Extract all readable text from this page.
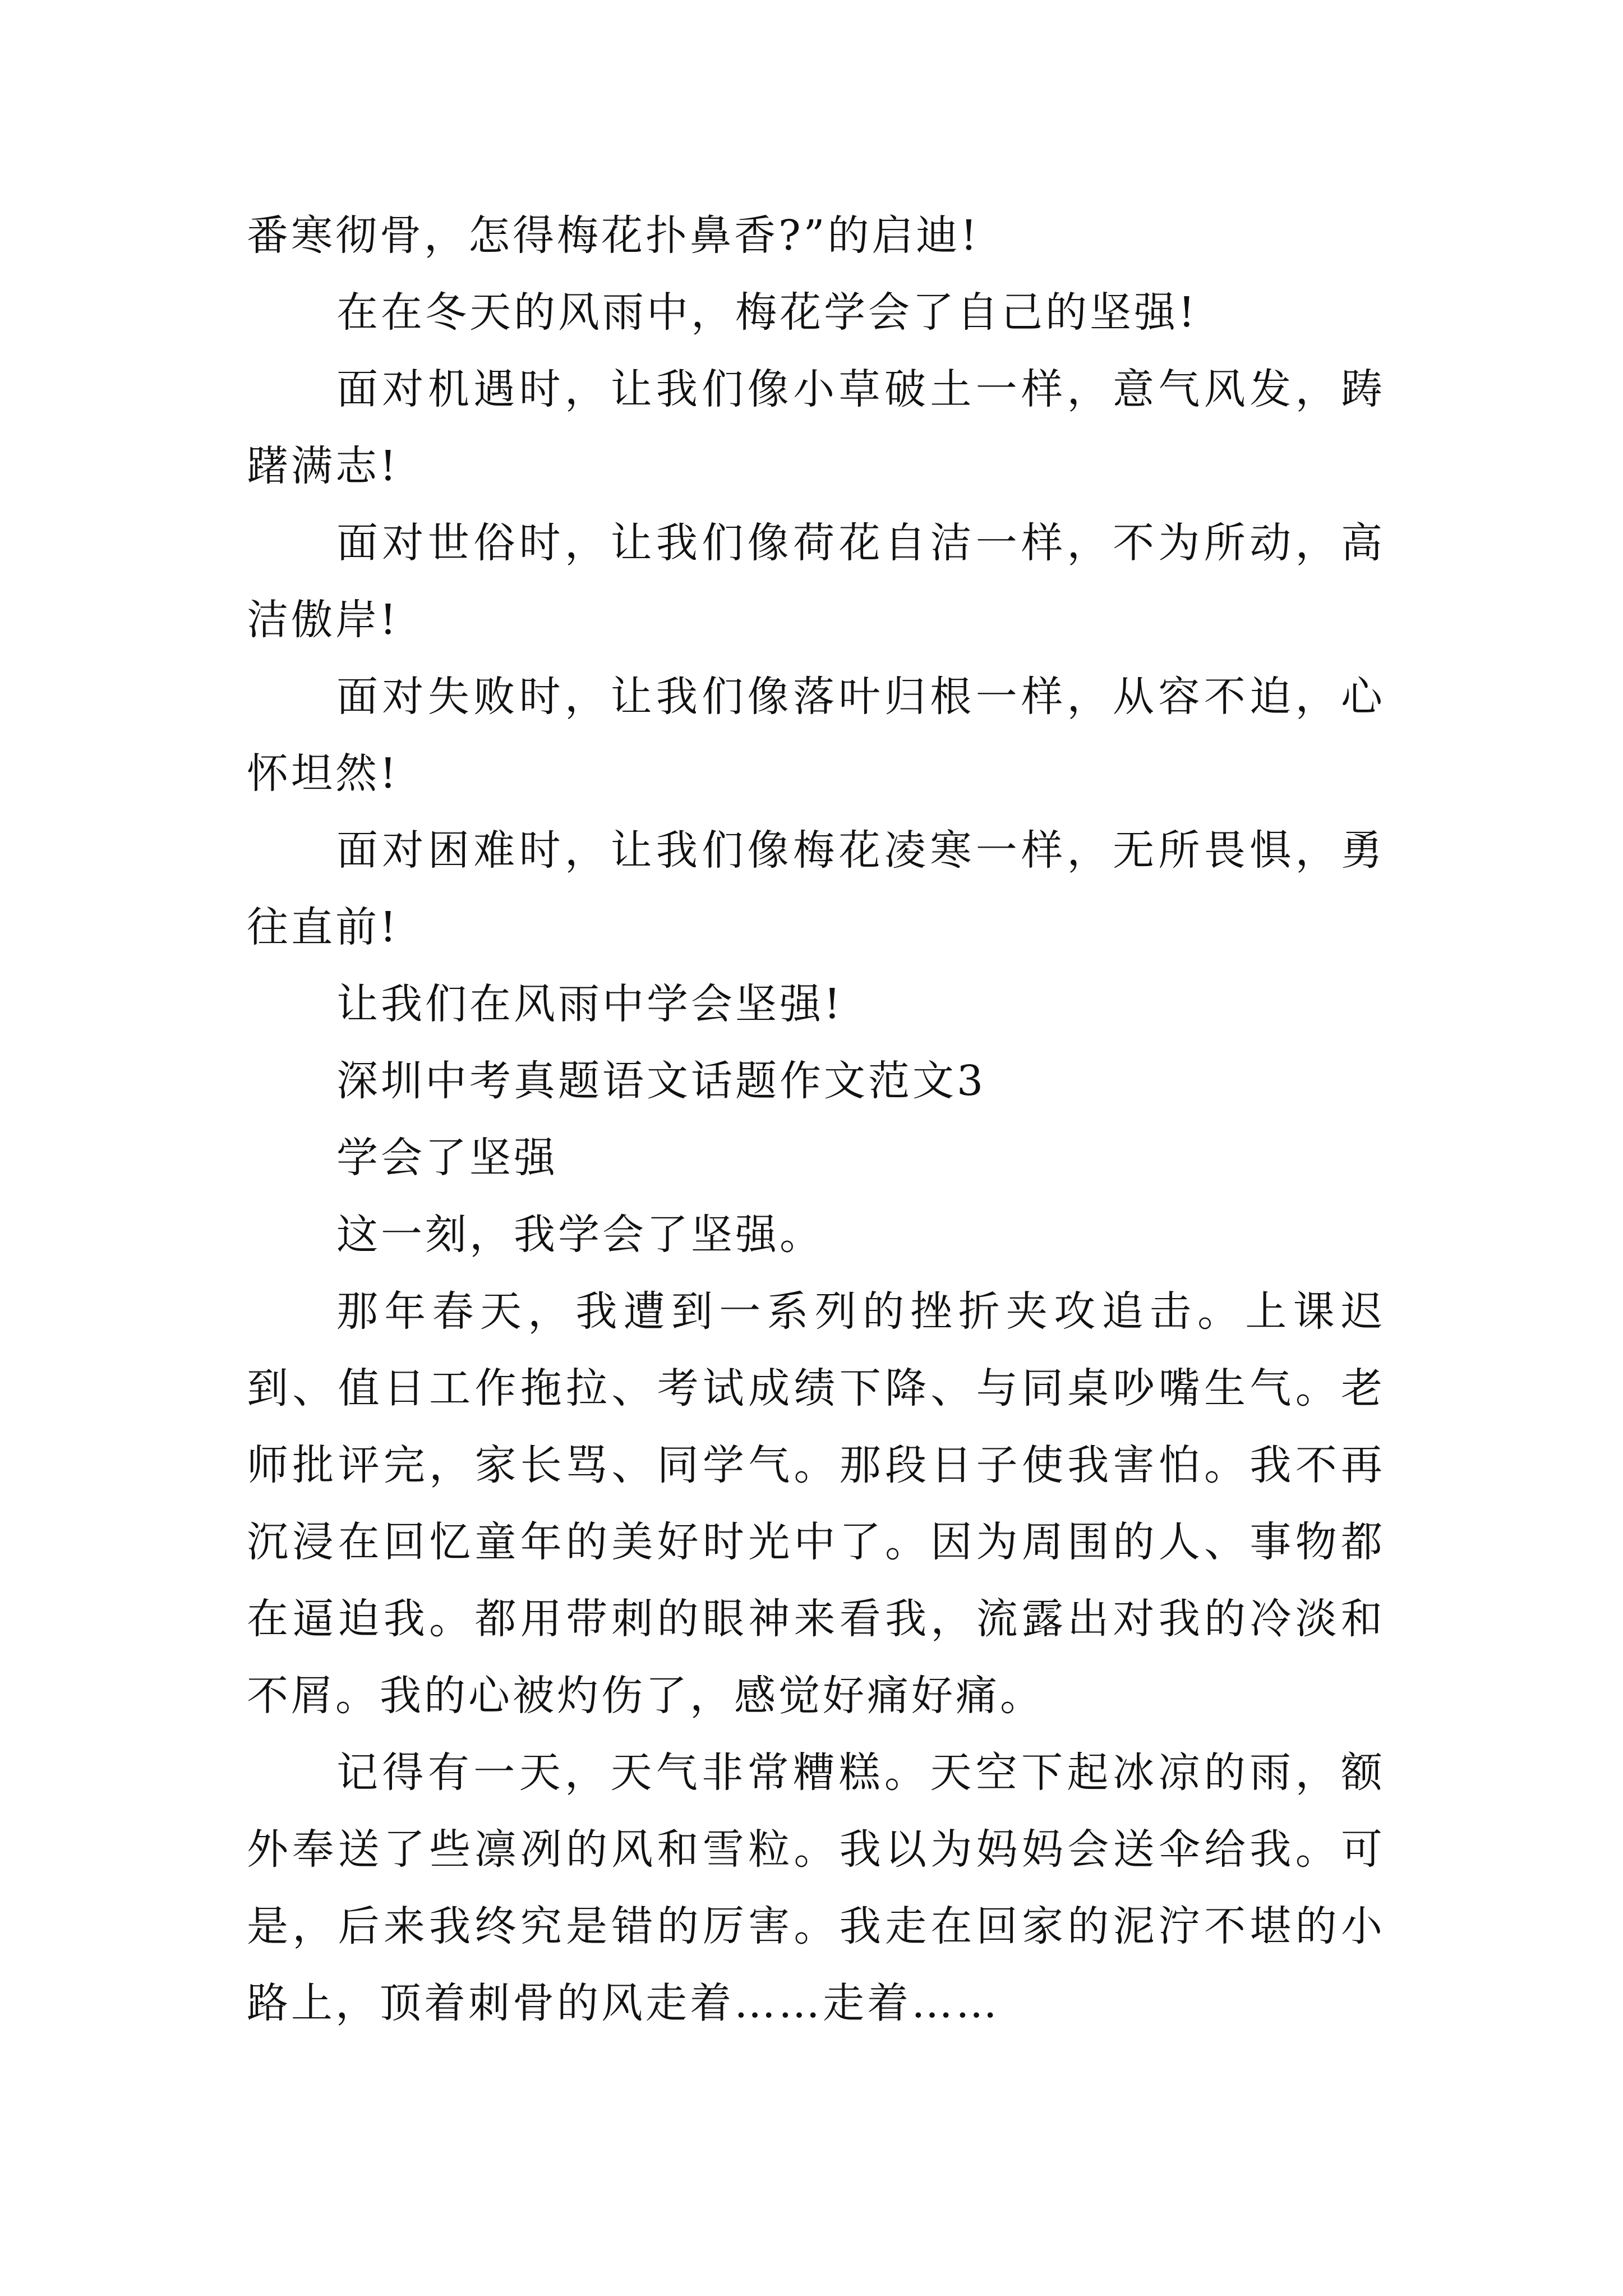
番寒彻骨，怎得梅花扑鼻香?”的启迪!

在在冬天的风雨中，梅花学会了自己的坚强!

面对机遇时，让我们像小草破土一样，意气风发，踌躇满志!

面对世俗时，让我们像荷花自洁一样，不为所动，高洁傲岸!

面对失败时，让我们像落叶归根一样，从容不迫，心怀坦然!

面对困难时，让我们像梅花凌寒一样，无所畏惧，勇往直前!

让我们在风雨中学会坚强!

深圳中考真题语文话题作文范文3

学会了坚强

这一刻，我学会了坚强。

那年春天，我遭到一系列的挫折夹攻追击。上课迟到、值日工作拖拉、考试成绩下降、与同桌吵嘴生气。老师批评完，家长骂、同学气。那段日子使我害怕。我不再沉浸在回忆童年的美好时光中了。因为周围的人、事物都在逼迫我。都用带刺的眼神来看我，流露出对我的冷淡和不屑。我的心被灼伤了，感觉好痛好痛。

记得有一天，天气非常糟糕。天空下起冰凉的雨，额外奉送了些凛冽的风和雪粒。我以为妈妈会送伞给我。可是，后来我终究是错的厉害。我走在回家的泥泞不堪的小路上，顶着刺骨的风走着……走着……
